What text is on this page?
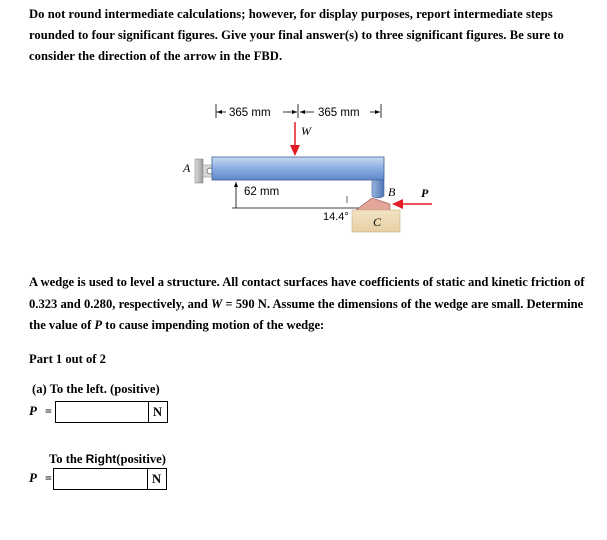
Do not round intermediate calculations; however, for display purposes, report intermediate steps rounded to four significant figures. Give your final answer(s) to three significant figures. Be sure to consider the direction of the arrow in the FBD.
365 mm	365 mm
W
A
62 mm	B
C
14.4°
P
A wedge is used to level a structure. All contact surfaces have coefficients of static and kinetic friction of 0.323 and 0.280, respectively, and W = 590 N. Assume the dimensions of the wedge are small. Determine the value of P to cause impending motion of the wedge:
Part 1 out of 2
(a) To the left. (positive)
P =	N
To the Right(positive)
P =	N
